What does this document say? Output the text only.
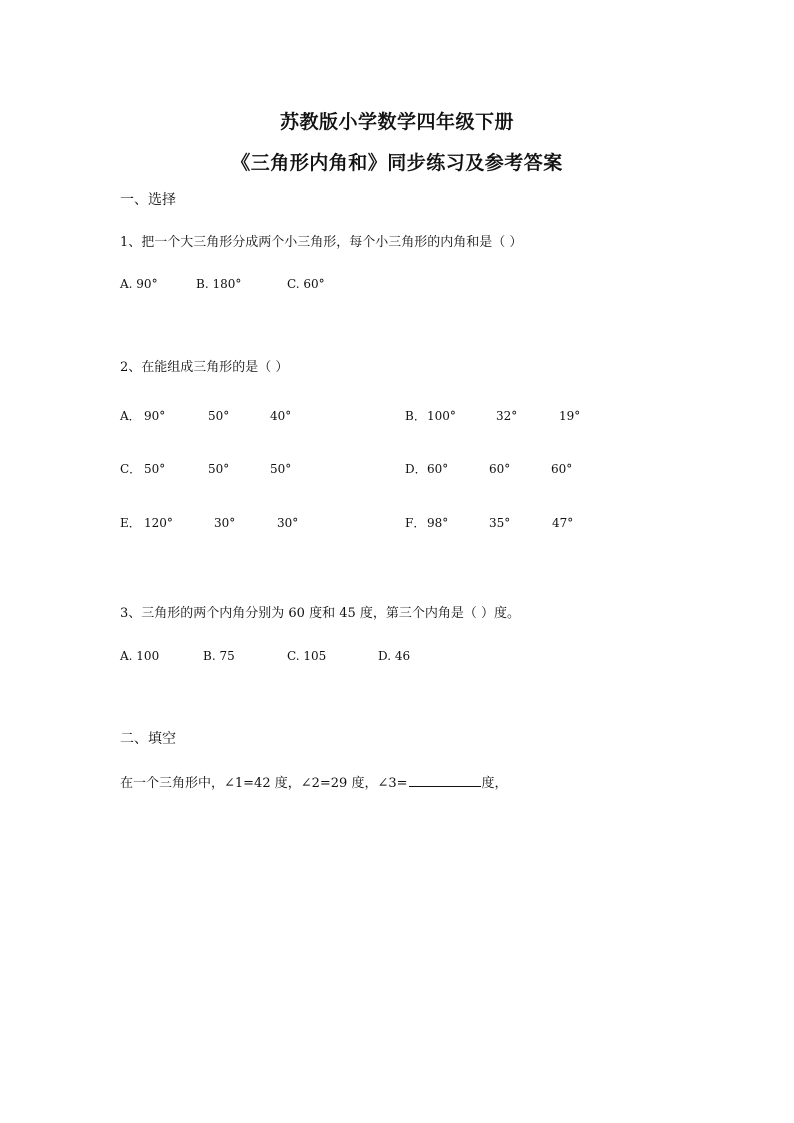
苏教版小学数学四年级下册
《三角形内角和》同步练习及参考答案
一、选择
1、把一个大三角形分成两个小三角形，每个小三角形的内角和是（ ）
A. 90°	B. 180°	C. 60°
2、在能组成三角形的是（ ）
A． 90°	50°	40°	B． 100°	32°	19°
C． 50°	50°	50°	D． 60°	60°	60°
E． 120°	30°	30°	F． 98°	35°	47°
3、三角形的两个内角分别为 60 度和 45 度，第三个内角是（ ）度。
A. 100	B. 75	C. 105	D. 46
二、填空
在一个三角形中，∠1=42 度，∠2=29 度，∠3=	度，
